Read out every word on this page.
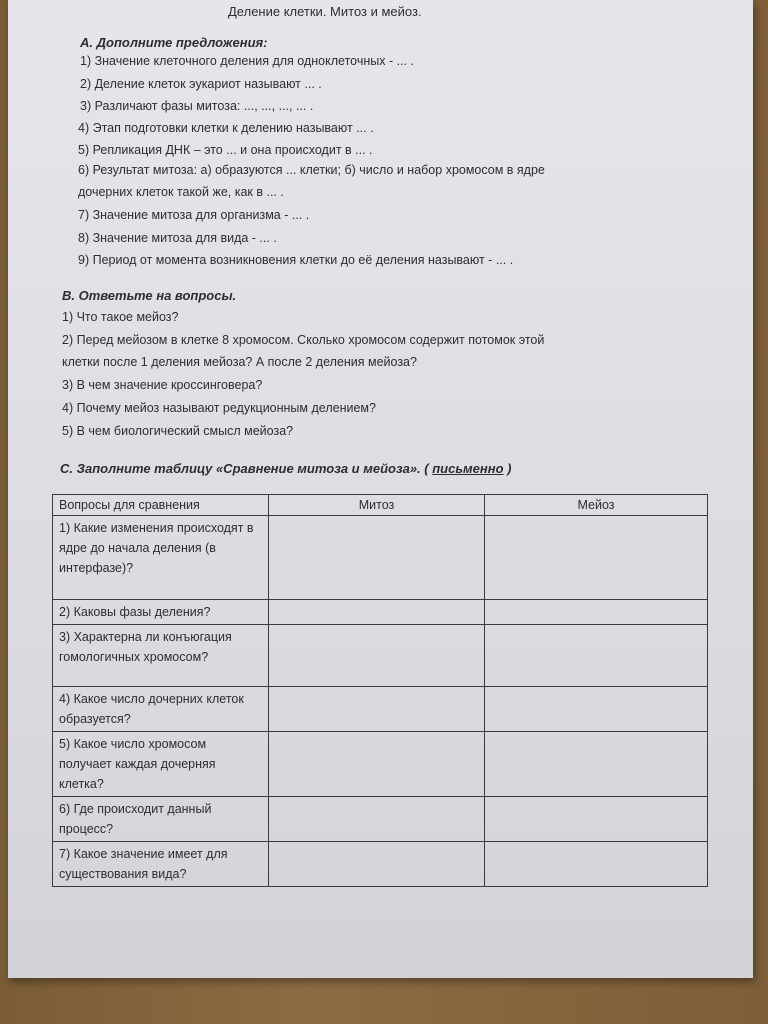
Деление клетки. Митоз и мейоз.
А. Дополните предложения:
1) Значение клеточного деления для одноклеточных - ... .
2) Деление клеток эукариот называют ... .
3) Различают фазы митоза: ..., ..., ..., ... .
4) Этап подготовки клетки к делению называют ... .
5) Репликация ДНК – это ... и она происходит в ... .
6) Результат митоза: а) образуются ... клетки; б) число и набор хромосом в ядре
дочерних клеток такой же, как в ... .
7) Значение митоза для организма - ... .
8) Значение митоза для вида - ... .
9) Период от момента возникновения клетки до её деления называют - ... .
В. Ответьте на вопросы.
1) Что такое мейоз?
2) Перед мейозом в клетке 8 хромосом. Сколько хромосом содержит потомок этой
клетки после 1 деления мейоза? А после 2 деления мейоза?
3) В чем значение кроссинговера?
4) Почему мейоз называют редукционным делением?
5) В чем биологический смысл мейоза?
С. Заполните таблицу «Сравнение митоза и мейоза». ( письменно )
Вопросы для сравнения	Митоз	Мейоз
1) Какие изменения происходят в ядре до начала деления (в интерфазе)?		
2) Каковы фазы деления?		
3) Характерна ли конъюгация гомологичных хромосом?		
4) Какое число дочерних клеток образуется?		
5) Какое число хромосом получает каждая дочерняя клетка?		
6) Где происходит данный процесс?		
7) Какое значение имеет для существования вида?		
